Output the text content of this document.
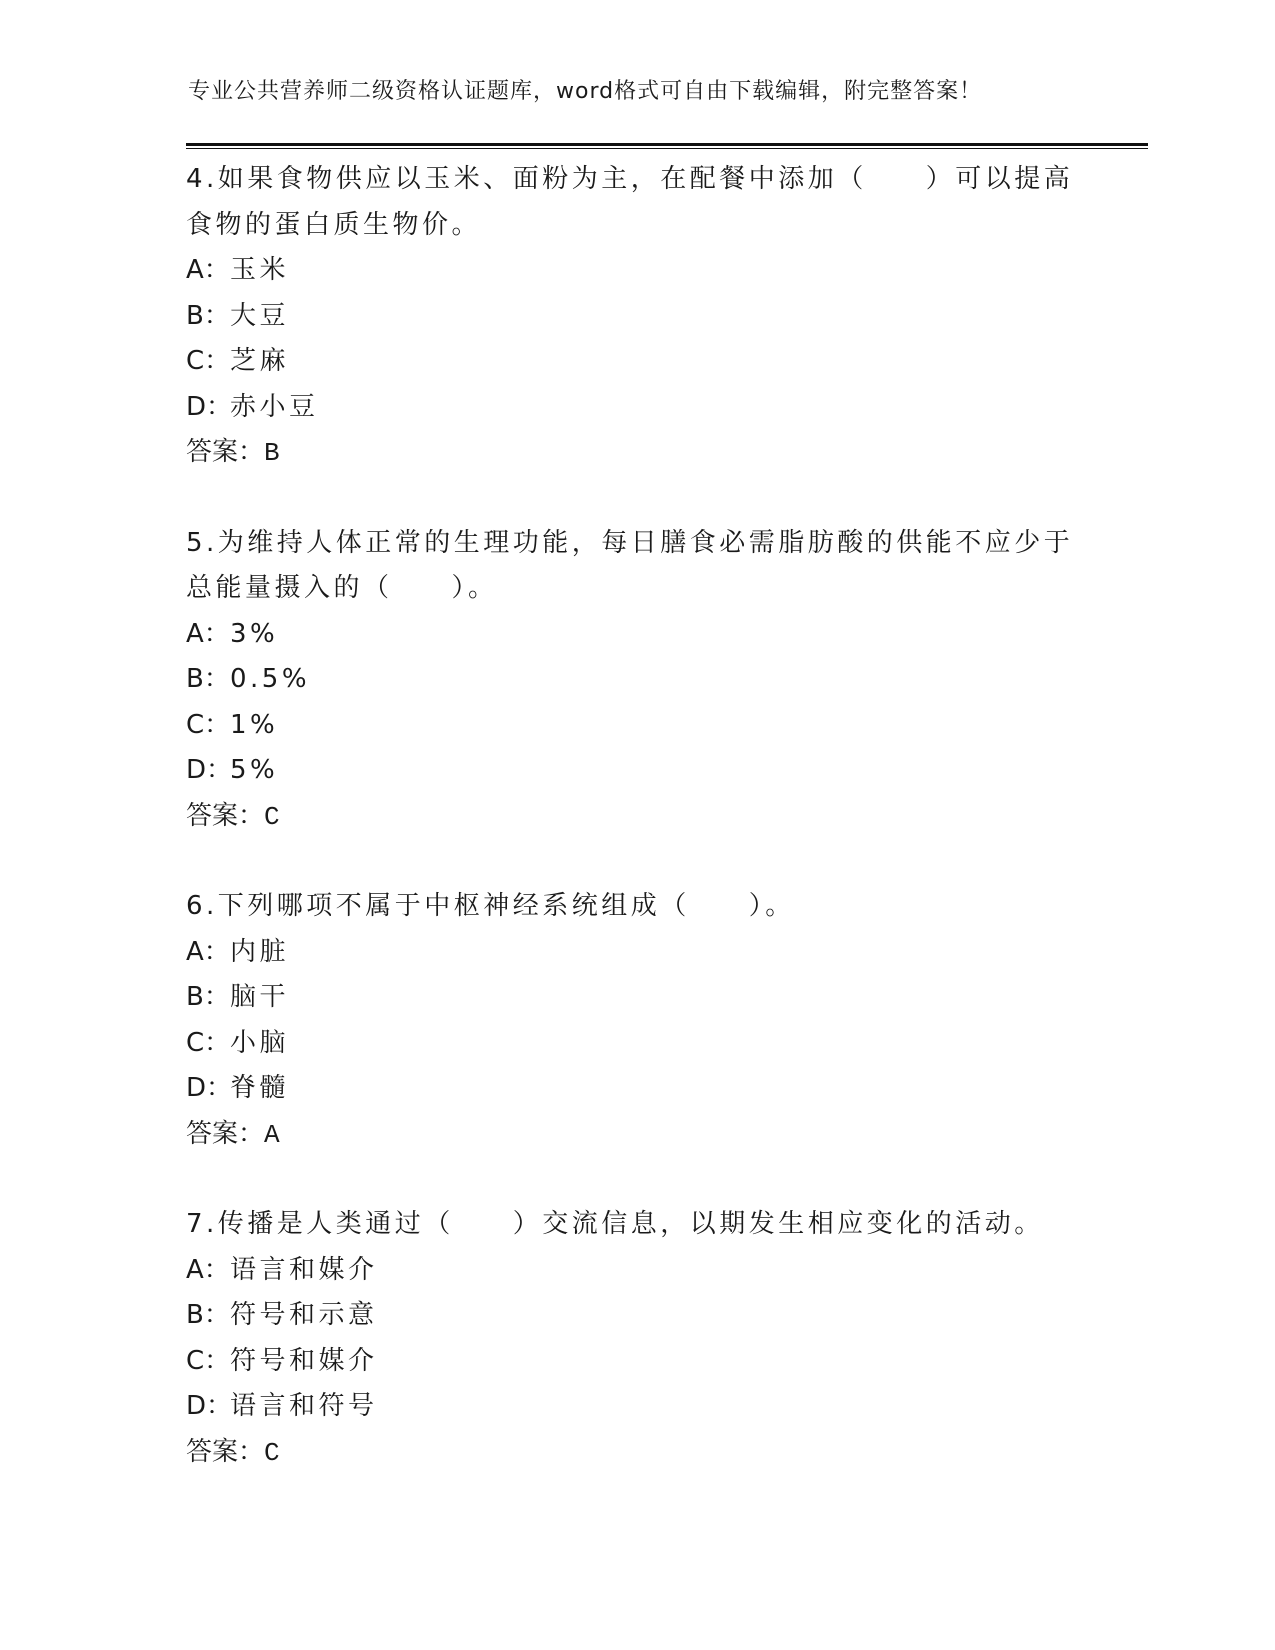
专业公共营养师二级资格认证题库，word格式可自由下载编辑，附完整答案！
4.如果食物供应以玉米、面粉为主，在配餐中添加（　　）可以提高
食物的蛋白质生物价。
A：玉米
B：大豆
C：芝麻
D：赤小豆
答案：B
5.为维持人体正常的生理功能，每日膳食必需脂肪酸的供能不应少于
总能量摄入的（　　）。
A：3%
B：0.5%
C：1%
D：5%
答案：C
6.下列哪项不属于中枢神经系统组成（　　）。
A：内脏
B：脑干
C：小脑
D：脊髓
答案：A
7.传播是人类通过（　　）交流信息，以期发生相应变化的活动。
A：语言和媒介
B：符号和示意
C：符号和媒介
D：语言和符号
答案：C
